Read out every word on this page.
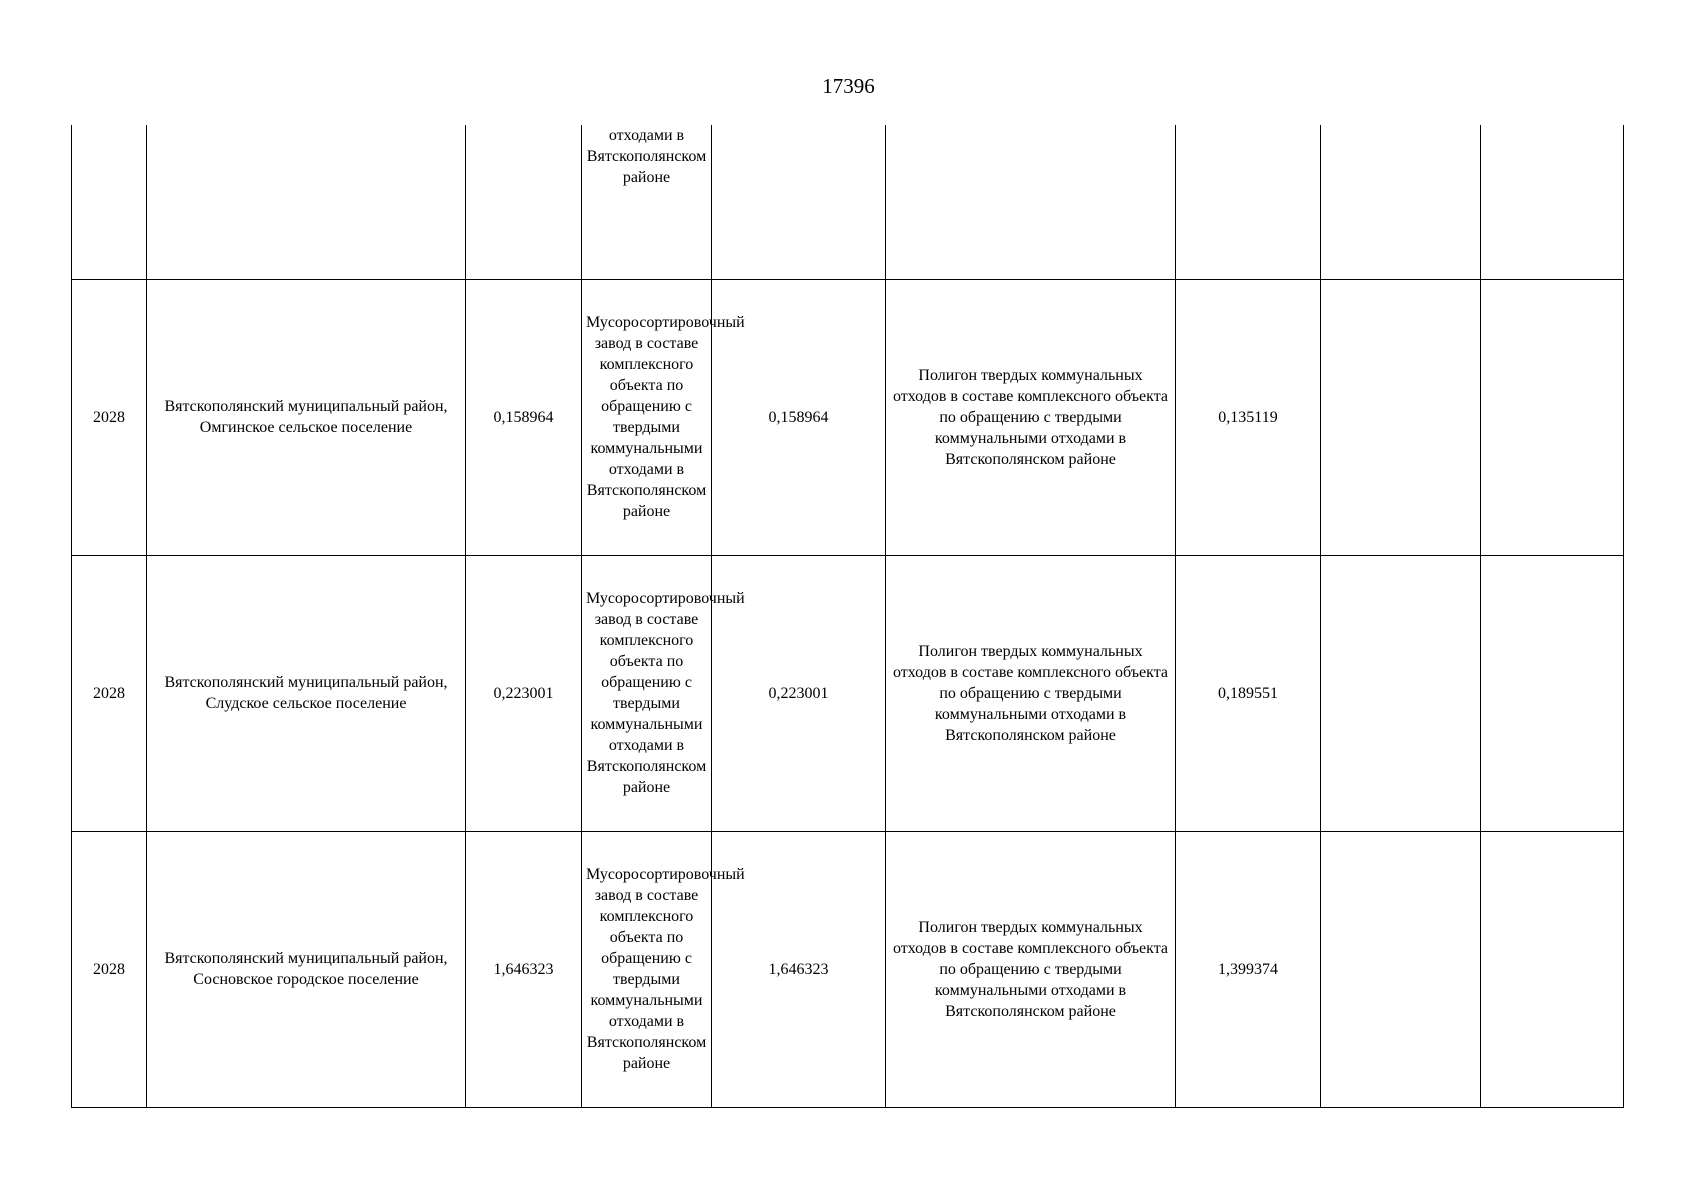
17396
			отходами в Вятскополянском районе					
2028	Вятскополянский муниципальный район, Омгинское сельское поселение	0,158964	Мусоросортировочный завод в составе комплексного объекта по обращению с твердыми коммунальными отходами в Вятскополянском районе	0,158964	Полигон твердых коммунальных отходов в составе комплексного объекта по обращению с твердыми коммунальными отходами в Вятскополянском районе	0,135119		
2028	Вятскополянский муниципальный район, Слудское сельское поселение	0,223001	Мусоросортировочный завод в составе комплексного объекта по обращению с твердыми коммунальными отходами в Вятскополянском районе	0,223001	Полигон твердых коммунальных отходов в составе комплексного объекта по обращению с твердыми коммунальными отходами в Вятскополянском районе	0,189551		
2028	Вятскополянский муниципальный район, Сосновское городское поселение	1,646323	Мусоросортировочный завод в составе комплексного объекта по обращению с твердыми коммунальными отходами в Вятскополянском районе	1,646323	Полигон твердых коммунальных отходов в составе комплексного объекта по обращению с твердыми коммунальными отходами в Вятскополянском районе	1,399374		
